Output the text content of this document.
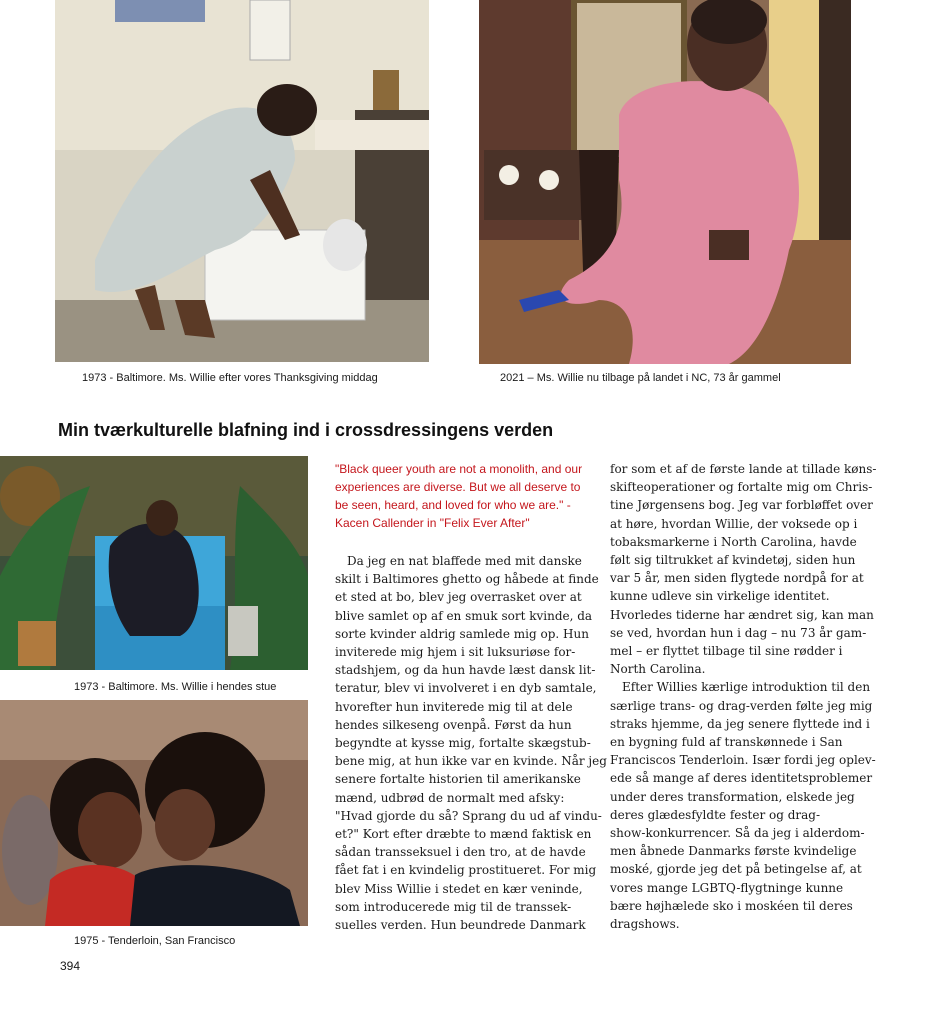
1973 - Baltimore. Ms. Willie efter vores Thanksgiving middag	2021 – Ms. Willie nu tilbage på landet i NC, 73 år gammel
Min tværkulturelle blafning ind i crossdressingens verden
1973 - Baltimore. Ms. Willie i hendes stue
1975 - Tenderloin, San Francisco
"Black queer youth are not a monolith, and our
experiences are diverse. But we all deserve to
be seen, heard, and loved for who we are." -
Kacen Callender in "Felix Ever After"
Da jeg en nat blaffede med mit danske
skilt i Baltimores ghetto og håbede at finde
et sted at bo, blev jeg overrasket over at
blive samlet op af en smuk sort kvinde, da
sorte kvinder aldrig samlede mig op. Hun
inviterede mig hjem i sit luksuriøse for-
stadshjem, og da hun havde læst dansk lit-
teratur, blev vi involveret i en dyb samtale,
hvorefter hun inviterede mig til at dele
hendes silkeseng ovenpå. Først da hun
begyndte at kysse mig, fortalte skægstub-
bene mig, at hun ikke var en kvinde. Når jeg
senere fortalte historien til amerikanske
mænd, udbrød de normalt med afsky:
"Hvad gjorde du så? Sprang du ud af vindu-
et?" Kort efter dræbte to mænd faktisk en
sådan transseksuel i den tro, at de havde
fået fat i en kvindelig prostitueret. For mig
blev Miss Willie i stedet en kær veninde,
som introducerede mig til de transsek-
suelles verden. Hun beundrede Danmark
for som et af de første lande at tillade køns-
skifteoperationer og fortalte mig om Chris-
tine Jørgensens bog. Jeg var forbløffet over
at høre, hvordan Willie, der voksede op i
tobaksmarkerne i North Carolina, havde
følt sig tiltrukket af kvindetøj, siden hun
var 5 år, men siden flygtede nordpå for at
kunne udleve sin virkelige identitet.
Hvorledes tiderne har ændret sig, kan man
se ved, hvordan hun i dag – nu 73 år gam-
mel – er flyttet tilbage til sine rødder i
North Carolina.
Efter Willies kærlige introduktion til den
særlige trans- og drag-verden følte jeg mig
straks hjemme, da jeg senere flyttede ind i
en bygning fuld af transkønnede i San
Franciscos Tenderloin. Især fordi jeg oplev-
ede så mange af deres identitetsproblemer
under deres transformation, elskede jeg
deres glædesfyldte fester og drag-
show-konkurrencer. Så da jeg i alderdom-
men åbnede Danmarks første kvindelige
moské, gjorde jeg det på betingelse af, at
vores mange LGBTQ-flygtninge kunne
bære højhælede sko i moskéen til deres
dragshows.
394
